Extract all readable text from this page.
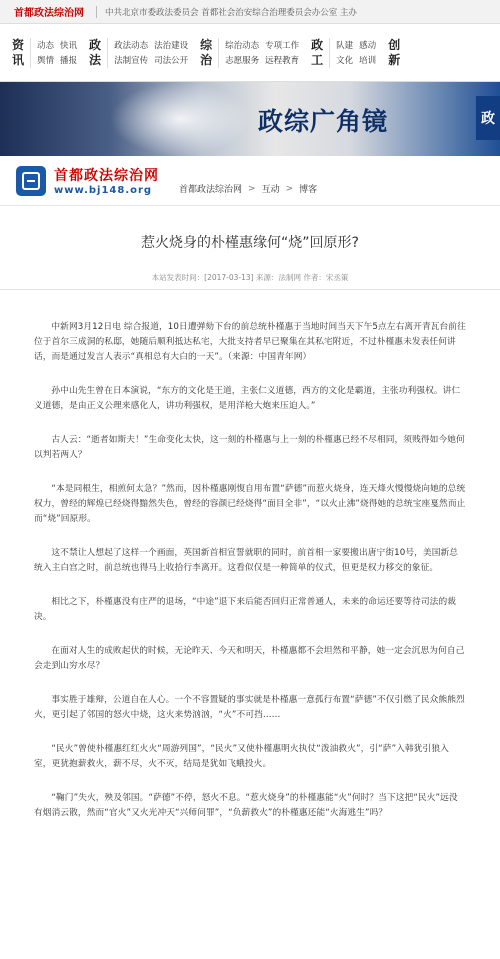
首都政法综治网 中共北京市委政法委员会 首都社会治安综合治理委员会办公室 主办
资
讯
动态 快讯
舆情 播报
政
法
政法动态 法治建设
法制宣传 司法公开
综
治
综治动态 专项工作
志愿服务 远程教育
政
工
队建 感动
文化 培训
创
新
政综广角镜	政
首都政法综治网
www.bj148.org	首都政法综治网 > 互动 > 博客
惹火烧身的朴槿惠缘何“烧”回原形?
本站发表时间：[2017-03-13] 来源：法制网 作者：宋丞策

中新网3月12日电 综合报道，10日遭弹劾下台的前总统朴槿惠于当地时间当天下午5点左右离开青瓦台前往位于首尔三成洞的私邸，她随后顺利抵达私宅，大批支持者早已聚集在其私宅附近，不过朴槿惠未发表任何讲话，而是通过发言人表示“真相总有大白的一天”。（来源：中国青年网）

孙中山先生曾在日本演说，“东方的文化是王道，主张仁义道德，西方的文化是霸道，主张功利强权。讲仁义道德，是由正义公理来感化人，讲功利强权，是用洋枪大炮来压迫人。”

古人云：“逝者如斯夫！”生命变化太快，这一刻的朴槿惠与上一刻的朴槿惠已经不尽相同，须贱得如今她何以判若两人？

“本是同根生，相煎何太急？”然而，因朴槿惠刚愎自用布置“萨德”而惹火烧身，连天烽火慢慢烧向她的总统权力，曾经的辉煌已经烧得黯然失色，曾经的容颜已经烧得“面目全非”，“以火止沸”烧得她的总统宝座戛然而止而“烧”回原形。

这不禁让人想起了这样一个画面，英国新首相宣誓就职的同时，前首相一家要搬出唐宁街10号，美国新总统入主白宫之时，前总统也得马上收拾行李离开。这看似仅是一种简单的仪式，但更是权力移交的象征。

相比之下，朴槿惠没有庄严的退场，“中途”退下来后能否回归正常普通人，未来的命运还要等待司法的裁决。

在面对人生的成败起伏的时候，无论昨天、今天和明天，朴槿惠都不会坦然和平静，她一定会沉思为何自己会走到山穷水尽？

事实胜于雄辩，公道自在人心。一个不容置疑的事实就是朴槿惠一意孤行布置“萨德”不仅引燃了民众熊熊烈火，更引起了邻国的怒火中烧，这火来势汹汹，“火”不可挡……

“民火”曾使朴槿惠红红火火“周游列国”，“民火”又使朴槿惠明火执仗“泼油救火”，引“萨”入韩犹引狼入室，更犹抱薪救火，薪不尽，火不灭，结局是犹如飞蛾投火。

“鞠门”失火，殃及邻国。“萨德”不停，怒火不息。“惹火烧身”的朴槿惠能“火”何时？当下这把“民火”远没有烟消云散，然而“官火”又火光冲天“兴师问罪”，“负薪救火”的朴槿惠还能“火海逃生”吗？
